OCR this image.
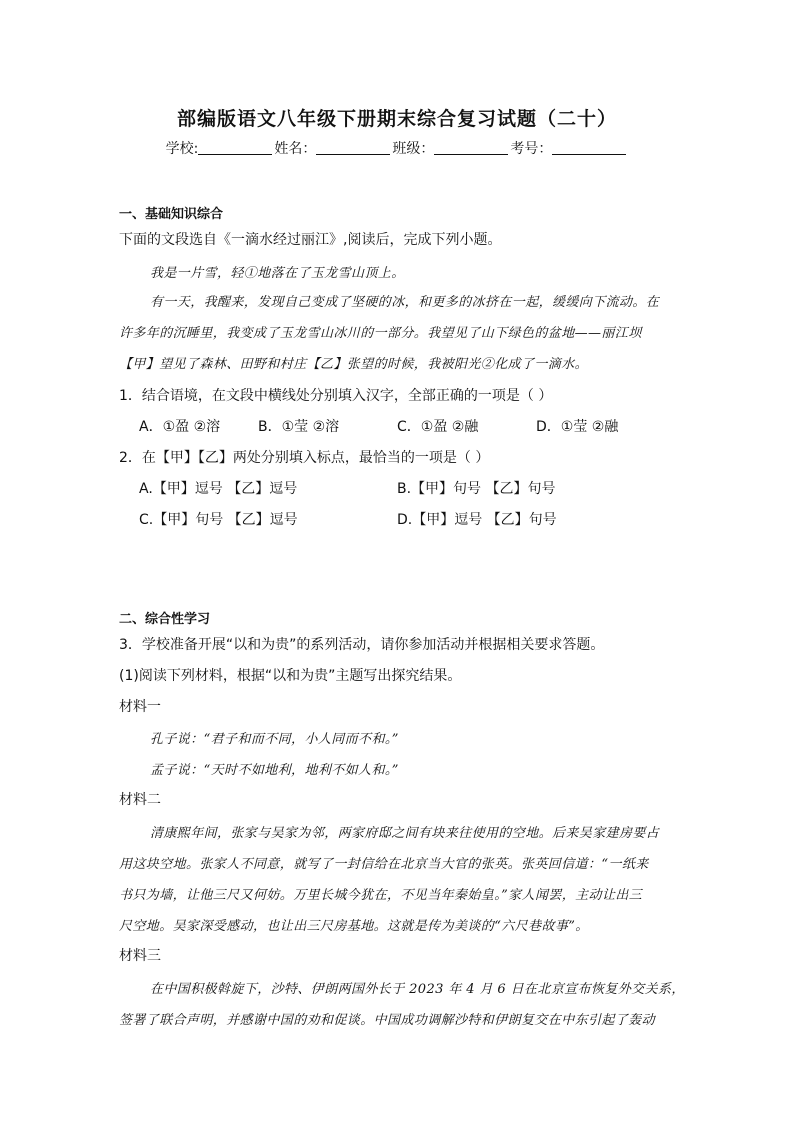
部编版语文八年级下册期末综合复习试题（二十）
学校:	姓名：	班级：	考号：
一、基础知识综合
下面的文段选自《一滴水经过丽江》,阅读后，完成下列小题。
我是一片雪，轻①地落在了玉龙雪山顶上。
有一天，我醒来，发现自己变成了坚硬的冰，和更多的冰挤在一起，缓缓向下流动。在
许多年的沉睡里，我变成了玉龙雪山冰川的一部分。我望见了山下绿色的盆地——丽江坝
【甲】望见了森林、田野和村庄【乙】张望的时候，我被阳光②化成了一滴水。
1．结合语境，在文段中横线处分别填入汉字，全部正确的一项是（ ）
A．①盈 ②溶	B．①莹 ②溶	C．①盈 ②融	D．①莹 ②融
2．在【甲】【乙】两处分别填入标点，最恰当的一项是（ ）
A.【甲】逗号 【乙】逗号	B.【甲】句号 【乙】句号
C.【甲】句号 【乙】逗号	D.【甲】逗号 【乙】句号
二、综合性学习
3．学校准备开展“以和为贵”的系列活动，请你参加活动并根据相关要求答题。
(1)阅读下列材料，根据“以和为贵”主题写出探究结果。
材料一
孔子说：“君子和而不同，小人同而不和。”
孟子说：“天时不如地利，地利不如人和。”
材料二
清康熙年间，张家与吴家为邻，两家府邸之间有块来往使用的空地。后来吴家建房要占
用这块空地。张家人不同意，就写了一封信给在北京当大官的张英。张英回信道：“一纸来
书只为墙，让他三尺又何妨。万里长城今犹在，不见当年秦始皇。”家人闻罢，主动让出三
尺空地。吴家深受感动，也让出三尺房基地。这就是传为美谈的“六尺巷故事”。
材料三
在中国积极斡旋下，沙特、伊朗两国外长于 2023 年 4 月 6 日在北京宣布恢复外交关系，
签署了联合声明，并感谢中国的劝和促谈。中国成功调解沙特和伊朗复交在中东引起了轰动
